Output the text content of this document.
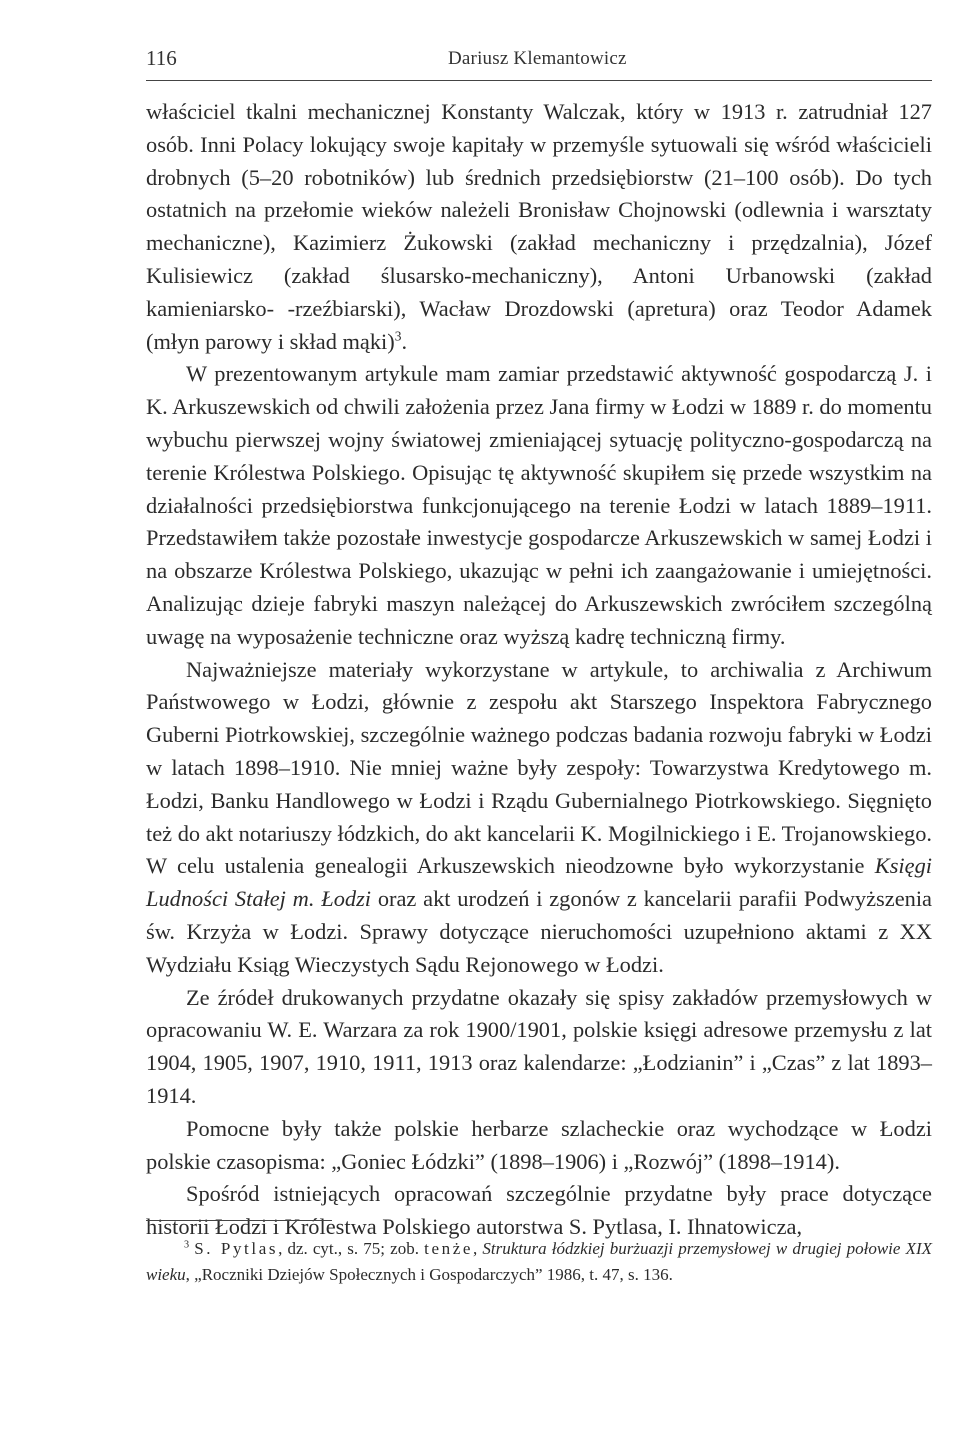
116	Dariusz Klemantowicz

właściciel tkalni mechanicznej Konstanty Walczak, który w 1913 r. zatrudniał 127 osób. Inni Polacy lokujący swoje kapitały w przemyśle sytuowali się wśród właścicieli drobnych (5–20 robotników) lub średnich przedsiębiorstw (21–100 osób). Do tych ostatnich na przełomie wieków należeli Bronisław Chojnowski (odlewnia i warsztaty mechaniczne), Kazimierz Żukowski (zakład mechaniczny i przędzalnia), Józef Kulisiewicz (zakład ślusarsko-mechaniczny), Antoni Urbanowski (zakład kamieniarsko- -rzeźbiarski), Wacław Drozdowski (apretura) oraz Teodor Adamek (młyn parowy i skład mąki)$^3$.

W prezentowanym artykule mam zamiar przedstawić aktywność gospodarczą J. i K. Arkuszewskich od chwili założenia przez Jana firmy w Łodzi w 1889 r. do momentu wybuchu pierwszej wojny światowej zmieniającej sytuację polityczno-gospodarczą na terenie Królestwa Polskiego. Opisując tę aktywność skupiłem się przede wszystkim na działalności przedsiębiorstwa funkcjonującego na terenie Łodzi w latach 1889–1911. Przedstawiłem także pozostałe inwestycje gospodarcze Arkuszewskich w samej Łodzi i na obszarze Królestwa Polskiego, ukazując w pełni ich zaangażowanie i umiejętności. Analizując dzieje fabryki maszyn należącej do Arkuszewskich zwróciłem szczególną uwagę na wyposażenie techniczne oraz wyższą kadrę techniczną firmy.

Najważniejsze materiały wykorzystane w artykule, to archiwalia z Archiwum Państwowego w Łodzi, głównie z zespołu akt Starszego Inspektora Fabrycznego Guberni Piotrkowskiej, szczególnie ważnego podczas badania rozwoju fabryki w Łodzi w latach 1898–1910. Nie mniej ważne były zespoły: Towarzystwa Kredytowego m. Łodzi, Banku Handlowego w Łodzi i Rządu Gubernialnego Piotrkowskiego. Sięgnięto też do akt notariuszy łódzkich, do akt kancelarii K. Mogilnickiego i E. Trojanowskiego. W celu ustalenia genealogii Arkuszewskich nieodzowne było wykorzystanie Księgi Ludności Stałej m. Łodzi oraz akt urodzeń i zgonów z kancelarii parafii Podwyższenia św. Krzyża w Łodzi. Sprawy dotyczące nieruchomości uzupełniono aktami z XX Wydziału Ksiąg Wieczystych Sądu Rejonowego w Łodzi.

Ze źródeł drukowanych przydatne okazały się spisy zakładów przemysłowych w opracowaniu W. E. Warzara za rok 1900/1901, polskie księgi adresowe przemysłu z lat 1904, 1905, 1907, 1910, 1911, 1913 oraz kalendarze: „Łodzianin” i „Czas” z lat 1893–1914.

Pomocne były także polskie herbarze szlacheckie oraz wychodzące w Łodzi polskie czasopisma: „Goniec Łódzki” (1898–1906) i „Rozwój” (1898–1914).

Spośród istniejących opracowań szczególnie przydatne były prace dotyczące historii Łodzi i Królestwa Polskiego autorstwa S. Pytlasa, I. Ihnatowicza,

$^3$ S. Pytlas, dz. cyt., s. 75; zob. tenże, Struktura łódzkiej burżuazji przemysłowej w drugiej połowie XIX wieku, „Roczniki Dziejów Społecznych i Gospodarczych” 1986, t. 47, s. 136.
